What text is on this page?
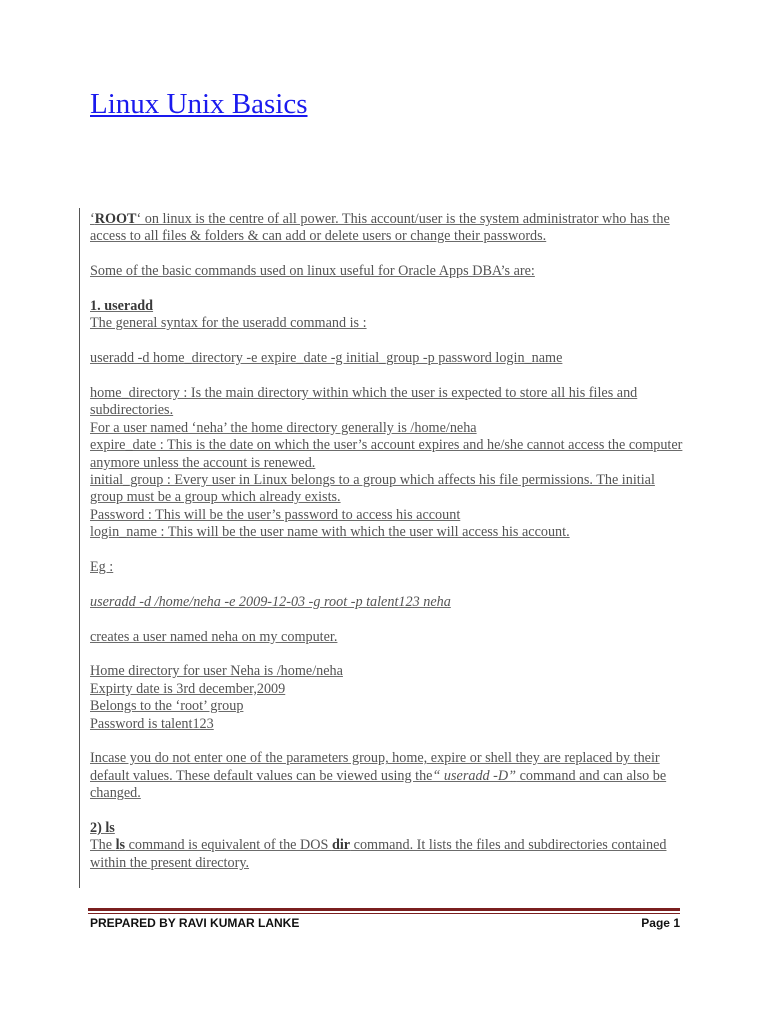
Linux Unix Basics

‘ROOT‘ on linux is the centre of all power. This account/user is the system administrator who has the access to all files & folders & can add or delete users or change their passwords.

Some of the basic commands used on linux useful for Oracle Apps DBA’s are:

1. useradd

The general syntax for the useradd command is :

useradd -d home_directory -e expire_date -g initial_group -p password login_name

home_directory : Is the main directory within which the user is expected to store all his files and subdirectories.

For a user named ‘neha’ the home directory generally is /home/neha

expire_date : This is the date on which the user’s account expires and he/she cannot access the computer anymore unless the account is renewed.

initial_group : Every user in Linux belongs to a group which affects his file permissions. The initial group must be a group which already exists.

Password : This will be the user’s password to access his account

login_name : This will be the user name with which the user will access his account.

Eg :

useradd -d /home/neha -e 2009-12-03 -g root -p talent123 neha

creates a user named neha on my computer.

Home directory for user Neha is /home/neha

Expirty date is 3rd december,2009

Belongs to the ‘root’ group

Password is talent123

Incase you do not enter one of the parameters group, home, expire or shell they are replaced by their default values. These default values can be viewed using the“ useradd -D” command and can also be changed.

2) ls

The ls command is equivalent of the DOS dir command. It lists the files and subdirectories contained within the present directory.

PREPARED BY RAVI KUMAR LANKE	Page 1
